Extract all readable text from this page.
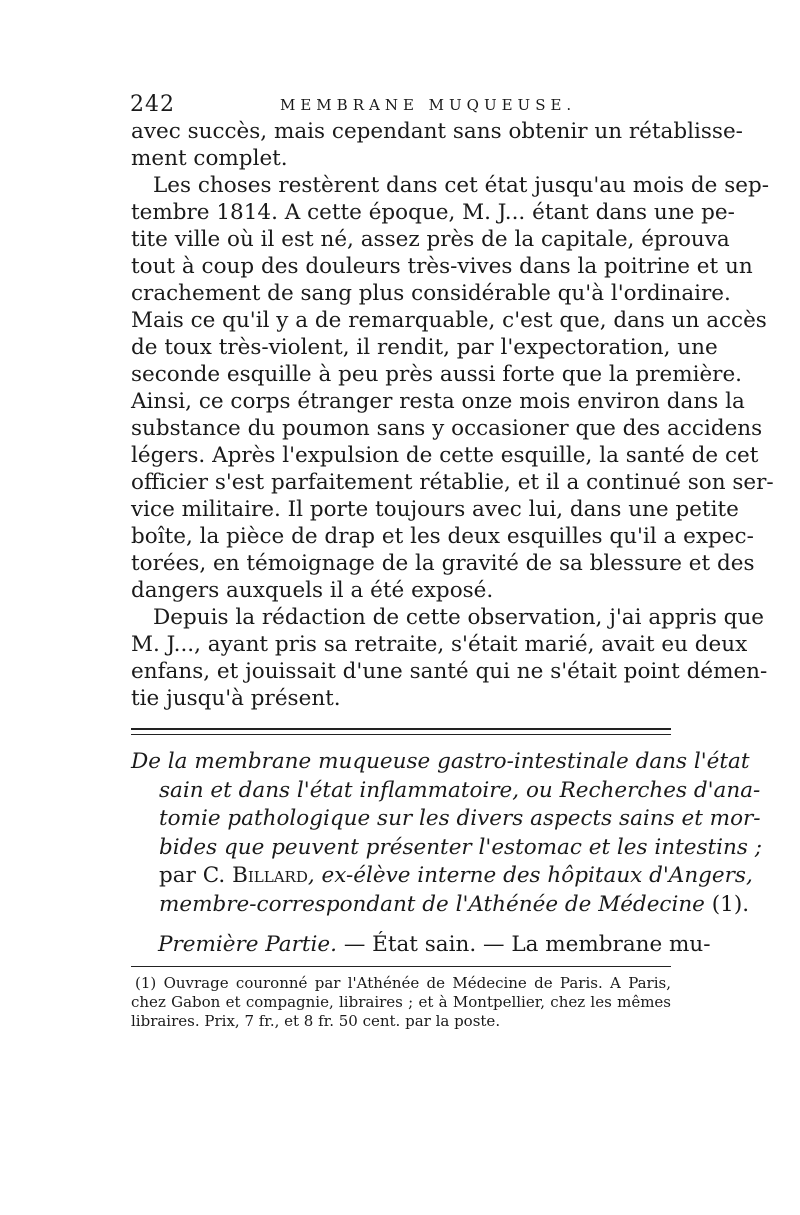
242	MEMBRANE MUQUEUSE.
avec succès, mais cependant sans obtenir un rétablisse-
ment complet.
Les choses restèrent dans cet état jusqu'au mois de sep-
tembre 1814. A cette époque, M. J... étant dans une pe-
tite ville où il est né, assez près de la capitale, éprouva
tout à coup des douleurs très-vives dans la poitrine et un
crachement de sang plus considérable qu'à l'ordinaire.
Mais ce qu'il y a de remarquable, c'est que, dans un accès
de toux très-violent, il rendit, par l'expectoration, une
seconde esquille à peu près aussi forte que la première.
Ainsi, ce corps étranger resta onze mois environ dans la
substance du poumon sans y occasioner que des accidens
légers. Après l'expulsion de cette esquille, la santé de cet
officier s'est parfaitement rétablie, et il a continué son ser-
vice militaire. Il porte toujours avec lui, dans une petite
boîte, la pièce de drap et les deux esquilles qu'il a expec-
torées, en témoignage de la gravité de sa blessure et des
dangers auxquels il a été exposé.
Depuis la rédaction de cette observation, j'ai appris que
M. J..., ayant pris sa retraite, s'était marié, avait eu deux
enfans, et jouissait d'une santé qui ne s'était point démen-
tie jusqu'à présent.
De la membrane muqueuse gastro-intestinale dans l'état
sain et dans l'état inflammatoire, ou Recherches d'ana-
tomie pathologique sur les divers aspects sains et mor-
bides que peuvent présenter l'estomac et les intestins ;
par C. Billard, ex-élève interne des hôpitaux d'Angers,
membre-correspondant de l'Athénée de Médecine (1).
Première Partie. — État sain. — La membrane mu-
(1) Ouvrage couronné par l'Athénée de Médecine de Paris. A Paris,
chez Gabon et compagnie, libraires ; et à Montpellier, chez les mêmes
libraires. Prix, 7 fr., et 8 fr. 50 cent. par la poste.
